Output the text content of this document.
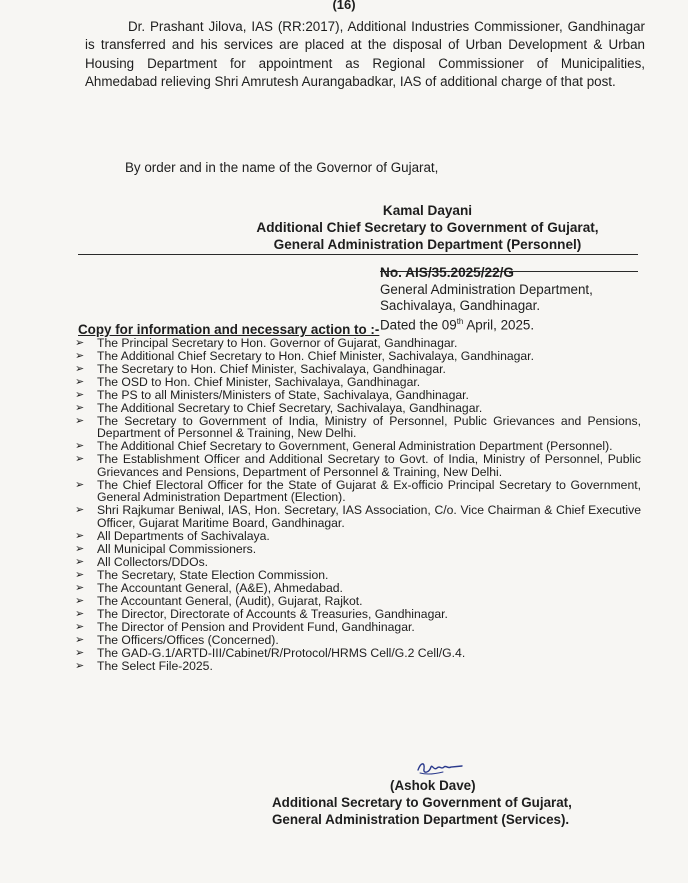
(16)

Dr. Prashant Jilova, IAS (RR:2017), Additional Industries Commissioner, Gandhinagar is transferred and his services are placed at the disposal of Urban Development & Urban Housing Department for appointment as Regional Commissioner of Municipalities, Ahmedabad relieving Shri Amrutesh Aurangabadkar, IAS of additional charge of that post.

By order and in the name of the Governor of Gujarat,
Kamal Dayani
Additional Chief Secretary to Government of Gujarat,
General Administration Department (Personnel)
No. AIS/35.2025/22/G
General Administration Department,
Sachivalaya, Gandhinagar.
Dated the 09th April, 2025.
Copy for information and necessary action to :-
➢ The Principal Secretary to Hon. Governor of Gujarat, Gandhinagar.
➢ The Additional Chief Secretary to Hon. Chief Minister, Sachivalaya, Gandhinagar.
➢ The Secretary to Hon. Chief Minister, Sachivalaya, Gandhinagar.
➢ The OSD to Hon. Chief Minister, Sachivalaya, Gandhinagar.
➢ The PS to all Ministers/Ministers of State, Sachivalaya, Gandhinagar.
➢ The Additional Secretary to Chief Secretary, Sachivalaya, Gandhinagar.
➢ The Secretary to Government of India, Ministry of Personnel, Public Grievances and Pensions, Department of Personnel & Training, New Delhi.
➢ The Additional Chief Secretary to Government, General Administration Department (Personnel).
➢ The Establishment Officer and Additional Secretary to Govt. of India, Ministry of Personnel, Public Grievances and Pensions, Department of Personnel & Training, New Delhi.
➢ The Chief Electoral Officer for the State of Gujarat & Ex-officio Principal Secretary to Government, General Administration Department (Election).
➢ Shri Rajkumar Beniwal, IAS, Hon. Secretary, IAS Association, C/o. Vice Chairman & Chief Executive Officer, Gujarat Maritime Board, Gandhinagar.
➢ All Departments of Sachivalaya.
➢ All Municipal Commissioners.
➢ All Collectors/DDOs.
➢ The Secretary, State Election Commission.
➢ The Accountant General, (A&E), Ahmedabad.
➢ The Accountant General, (Audit), Gujarat, Rajkot.
➢ The Director, Directorate of Accounts & Treasuries, Gandhinagar.
➢ The Director of Pension and Provident Fund, Gandhinagar.
➢ The Officers/Offices (Concerned).
➢ The GAD-G.1/ARTD-III/Cabinet/R/Protocol/HRMS Cell/G.2 Cell/G.4.
➢ The Select File-2025.
(Ashok Dave)
Additional Secretary to Government of Gujarat,
General Administration Department (Services).
